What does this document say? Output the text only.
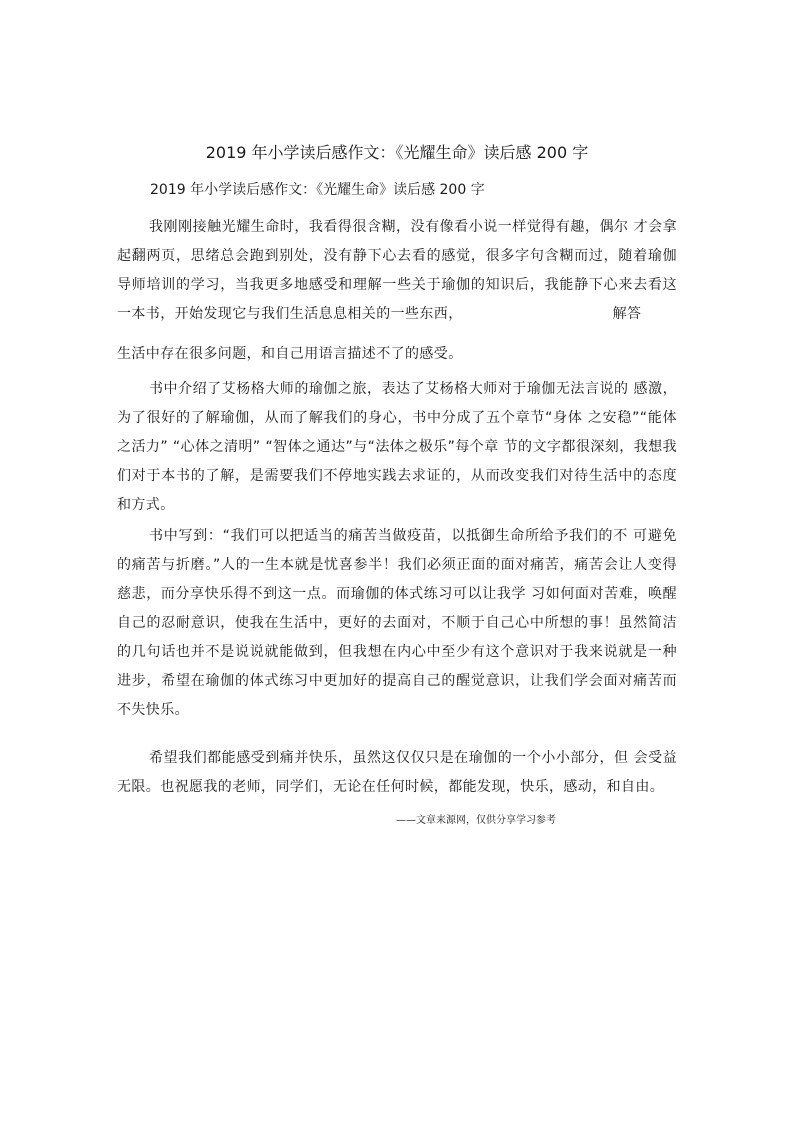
2019 年小学读后感作文：《光耀生命》读后感 200 字
2019 年小学读后感作文：《光耀生命》读后感 200 字
我刚刚接触光耀生命时，我看得很含糊，没有像看小说一样觉得有趣，偶尔 才会拿起翻两页，思绪总会跑到别处，没有静下心去看的感觉，很多字句含糊而过，随着瑜伽导师培训的学习，当我更多地感受和理解一些关于瑜伽的知识后，我能静下心来去看这一本书，开始发现它与我们生活息息相关的一些东西，	解答
生活中存在很多问题，和自己用语言描述不了的感受。
书中介绍了艾杨格大师的瑜伽之旅，表达了艾杨格大师对于瑜伽无法言说的 感激，为了很好的了解瑜伽，从而了解我们的身心，书中分成了五个章节“身体 之安稳”“能体之活力” “心体之清明” “智体之通达”与“法体之极乐”每个章 节的文字都很深刻，我想我们对于本书的了解，是需要我们不停地实践去求证的，从而改变我们对待生活中的态度和方式。
书中写到：“我们可以把适当的痛苦当做疫苗，以抵御生命所给予我们的不 可避免的痛苦与折磨。”人的一生本就是忧喜参半！我们必须正面的面对痛苦，痛苦会让人变得慈悲，而分享快乐得不到这一点。而瑜伽的体式练习可以让我学 习如何面对苦难，唤醒自己的忍耐意识，使我在生活中，更好的去面对，不顺于自己心中所想的事！虽然简洁的几句话也并不是说说就能做到，但我想在内心中至少有这个意识对于我来说就是一种进步，希望在瑜伽的体式练习中更加好的提高自己的醒觉意识，让我们学会面对痛苦而不失快乐。
希望我们都能感受到痛并快乐，虽然这仅仅只是在瑜伽的一个小小部分，但 会受益无限。也祝愿我的老师，同学们，无论在任何时候，都能发现，快乐，感动，和自由。
——文章来源网，仅供分享学习参考
